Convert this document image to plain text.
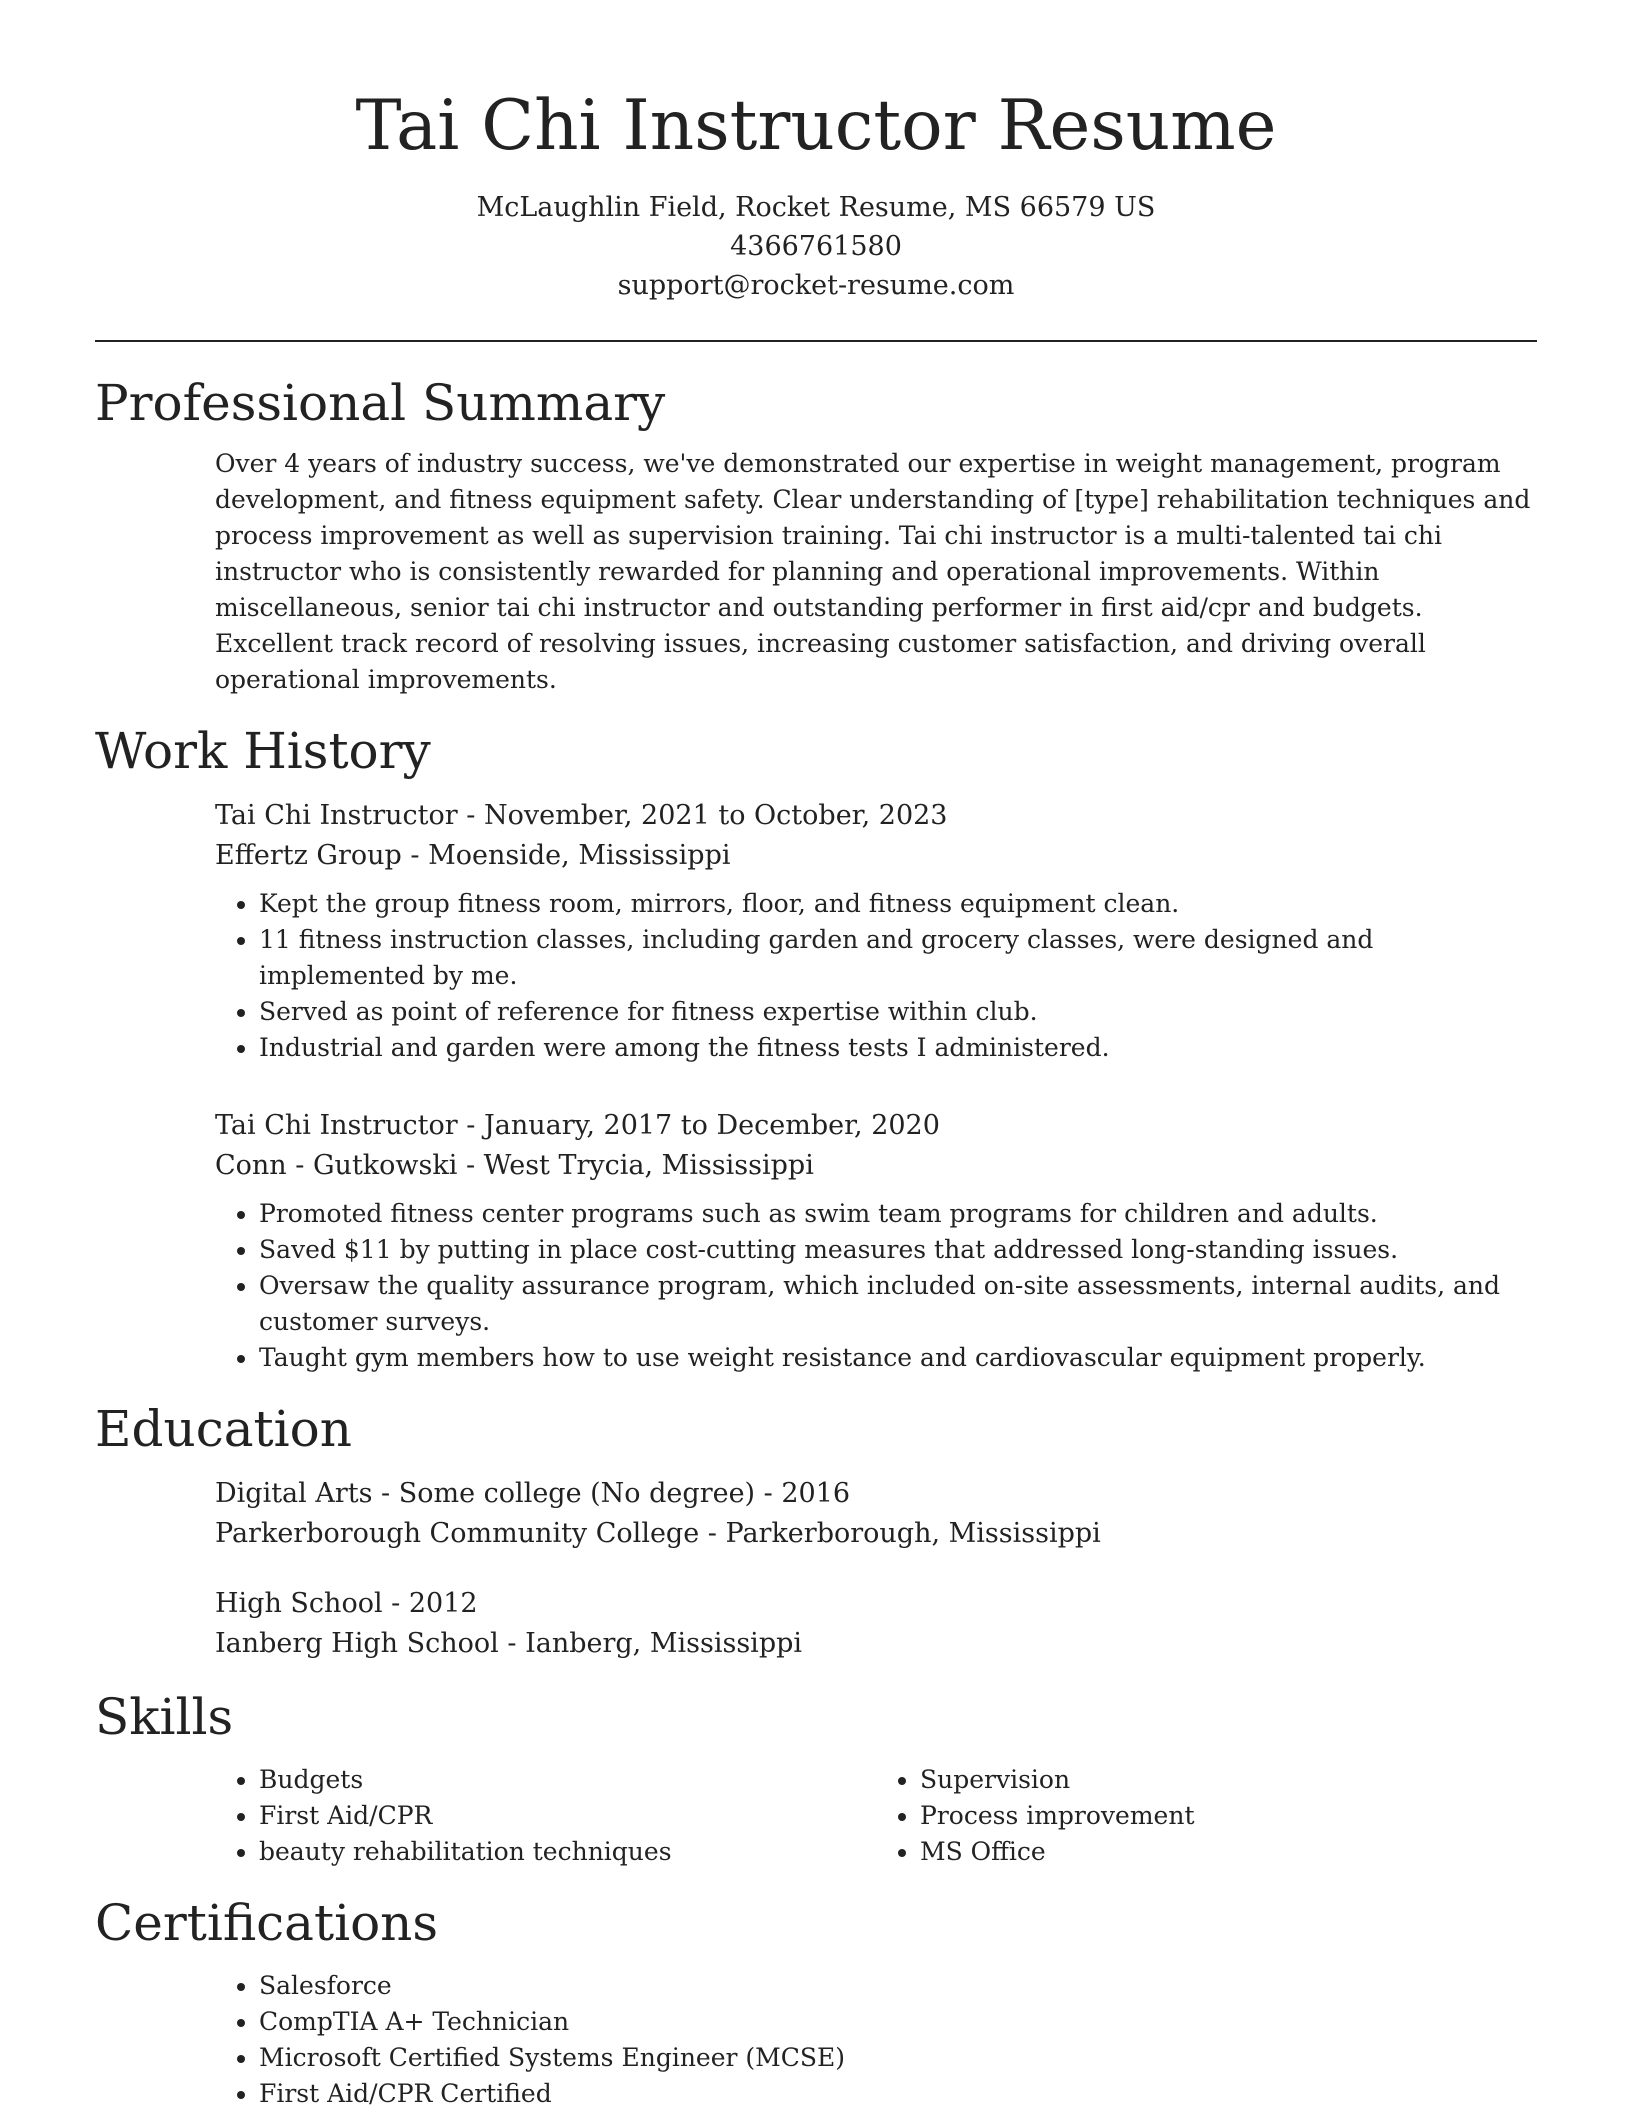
Tai Chi Instructor Resume
McLaughlin Field, Rocket Resume, MS 66579 US
4366761580
support@rocket-resume.com
Professional Summary

Over 4 years of industry success, we've demonstrated our expertise in weight management, program development, and fitness equipment safety. Clear understanding of [type] rehabilitation techniques and process improvement as well as supervision training. Tai chi instructor is a multi-talented tai chi instructor who is consistently rewarded for planning and operational improvements. Within miscellaneous, senior tai chi instructor and outstanding performer in first aid/cpr and budgets. Excellent track record of resolving issues, increasing customer satisfaction, and driving overall operational improvements.

Work History
Tai Chi Instructor - November, 2021 to October, 2023
Effertz Group - Moenside, Mississippi
• Kept the group fitness room, mirrors, floor, and fitness equipment clean.
• 11 fitness instruction classes, including garden and grocery classes, were designed and implemented by me.
• Served as point of reference for fitness expertise within club.
• Industrial and garden were among the fitness tests I administered.
Tai Chi Instructor - January, 2017 to December, 2020
Conn - Gutkowski - West Trycia, Mississippi
• Promoted fitness center programs such as swim team programs for children and adults.
• Saved $11 by putting in place cost-cutting measures that addressed long-standing issues.
• Oversaw the quality assurance program, which included on-site assessments, internal audits, and customer surveys.
• Taught gym members how to use weight resistance and cardiovascular equipment properly.
Education
Digital Arts - Some college (No degree) - 2016
Parkerborough Community College - Parkerborough, Mississippi
High School - 2012
Ianberg High School - Ianberg, Mississippi
Skills
• Budgets
• First Aid/CPR
• beauty rehabilitation techniques
• Supervision
• Process improvement
• MS Office
Certifications
• Salesforce
• CompTIA A+ Technician
• Microsoft Certified Systems Engineer (MCSE)
• First Aid/CPR Certified
